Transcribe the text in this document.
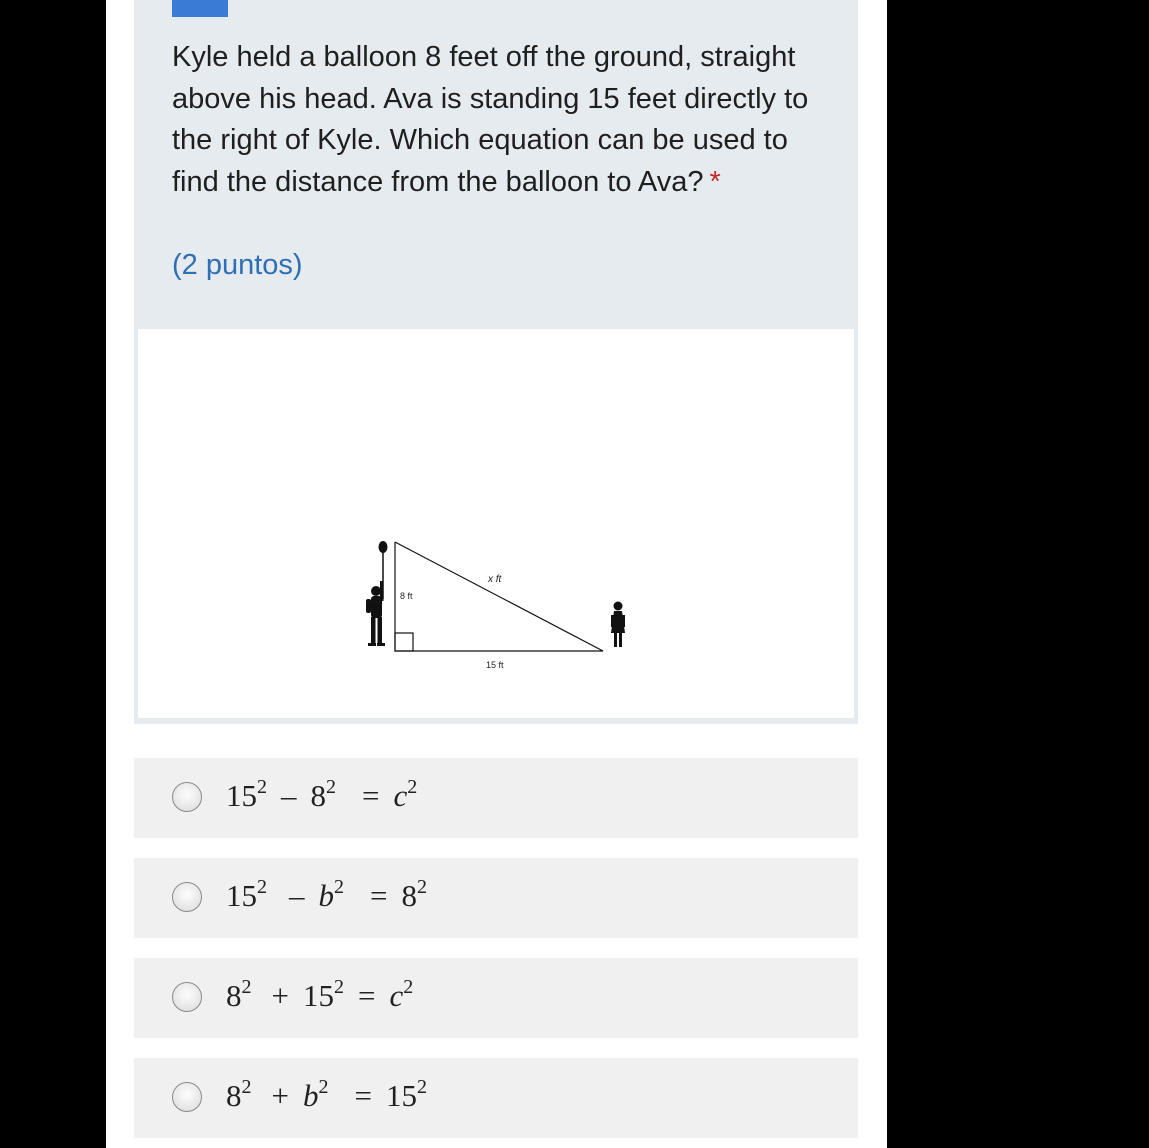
Kyle held a balloon 8 feet off the ground, straight above his head. Ava is standing 15 feet directly to the right of Kyle. Which equation can be used to find the distance from the balloon to Ava? *
(2 puntos)
8 ft
x ft
15 ft
$15^2 - 8^2 = c^2$
$15^2 - b^2 = 8^2$
$8^2 + 15^2 = c^2$
$8^2 + b^2 = 15^2$
